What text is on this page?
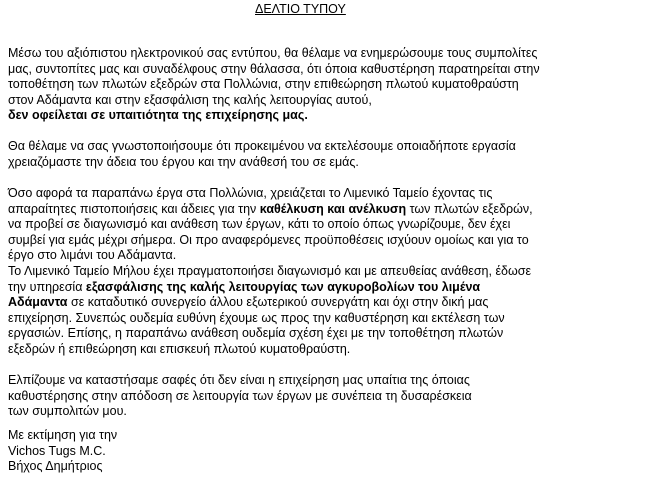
ΔΕΛΤΙΟ ΤΥΠΟΥ
Μέσω του αξιόπιστου ηλεκτρονικού σας εντύπου, θα θέλαμε να ενημερώσουμε τους συμπολίτες
μας, συντοπίτες μας και συναδέλφους στην θάλασσα, ότι όποια καθυστέρηση παρατηρείται στην
τοποθέτηση των πλωτών εξεδρών στα Πολλώνια, στην επιθεώρηση πλωτού κυματοθραύστη
στον Αδάμαντα και στην εξασφάλιση της καλής λειτουργίας αυτού,
δεν οφείλεται σε υπαιτιότητα της επιχείρησης μας.
Θα θέλαμε να σας γνωστοποιήσουμε ότι προκειμένου να εκτελέσουμε οποιαδήποτε εργασία
χρειαζόμαστε την άδεια του έργου και την ανάθεσή του σε εμάς.
Όσο αφορά τα παραπάνω έργα στα Πολλώνια, χρειάζεται το Λιμενικό Ταμείο έχοντας τις
απαραίτητες πιστοποιήσεις και άδειες για την καθέλκυση και ανέλκυση των πλωτών εξεδρών,
να προβεί σε διαγωνισμό και ανάθεση των έργων, κάτι το οποίο όπως γνωρίζουμε, δεν έχει
συμβεί για εμάς μέχρι σήμερα. Οι προ αναφερόμενες προϋποθέσεις ισχύουν ομοίως και για το
έργο στο λιμάνι του Αδάμαντα.
Το Λιμενικό Ταμείο Μήλου έχει πραγματοποιήσει διαγωνισμό και με απευθείας ανάθεση, έδωσε
την υπηρεσία εξασφάλισης της καλής λειτουργίας των αγκυροβολίων του λιμένα
Αδάμαντα σε καταδυτικό συνεργείο άλλου εξωτερικού συνεργάτη και όχι στην δική μας
επιχείρηση. Συνεπώς ουδεμία ευθύνη έχουμε ως προς την καθυστέρηση και εκτέλεση των
εργασιών. Επίσης, η παραπάνω ανάθεση ουδεμία σχέση έχει με την τοποθέτηση πλωτών
εξεδρών ή επιθεώρηση και επισκευή πλωτού κυματοθραύστη.
Ελπίζουμε να καταστήσαμε σαφές ότι δεν είναι η επιχείρηση μας υπαίτια της όποιας
καθυστέρησης στην απόδοση σε λειτουργία των έργων με συνέπεια τη δυσαρέσκεια
των συμπολιτών μου.
Με εκτίμηση για την
Vichos Tugs M.C.
Βήχος Δημήτριος
